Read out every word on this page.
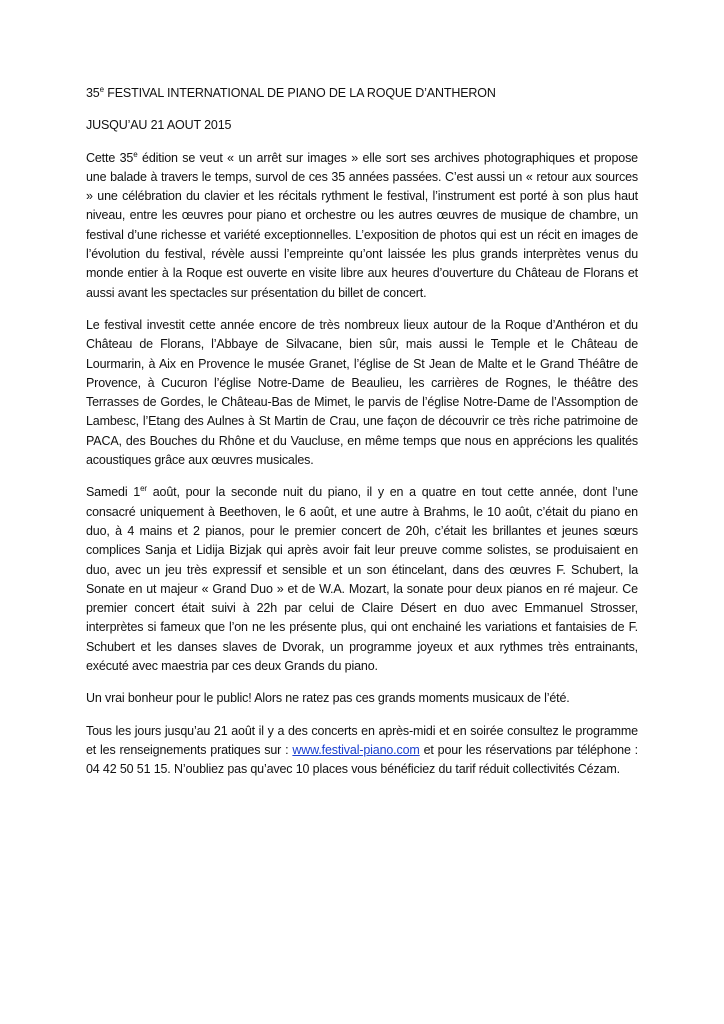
35e FESTIVAL INTERNATIONAL DE PIANO DE LA ROQUE D’ANTHERON

JUSQU’AU 21 AOUT 2015

Cette 35e édition se veut « un arrêt sur images » elle sort ses archives photographiques et propose une balade à travers le temps, survol de ces 35 années passées. C’est aussi un « retour aux sources » une célébration du clavier et les récitals rythment le festival, l’instrument est porté à son plus haut niveau, entre les œuvres pour piano et orchestre ou les autres œuvres de musique de chambre, un festival d’une richesse et variété exceptionnelles. L’exposition de photos qui est un récit en images de l’évolution du festival, révèle aussi l’empreinte qu’ont laissée les plus grands interprètes venus du monde entier à la Roque est ouverte en visite libre aux heures d’ouverture du Château de Florans et aussi avant les spectacles sur présentation du billet de concert.

Le festival investit cette année encore de très nombreux lieux autour de la Roque d’Anthéron et du Château de Florans, l’Abbaye de Silvacane, bien sûr, mais aussi le Temple et le Château de Lourmarin, à Aix en Provence le musée Granet, l’église de St Jean de Malte et le Grand Théâtre de Provence, à Cucuron l’église Notre-Dame de Beaulieu, les carrières de Rognes, le théâtre des Terrasses de Gordes, le Château-Bas de Mimet, le parvis de l’église Notre-Dame de l’Assomption de Lambesc, l’Etang des Aulnes à St Martin de Crau, une façon de découvrir ce très riche patrimoine de PACA, des Bouches du Rhône et du Vaucluse, en même temps que nous en apprécions les qualités acoustiques grâce aux œuvres musicales.

Samedi 1er août, pour la seconde nuit du piano, il y en a quatre en tout cette année, dont l’une consacré uniquement à Beethoven, le 6 août, et une autre à Brahms, le 10 août, c’était du piano en duo, à 4 mains et 2 pianos, pour le premier concert de 20h, c’était les brillantes et jeunes sœurs complices Sanja et Lidija Bizjak qui après avoir fait leur preuve comme solistes, se produisaient en duo, avec un jeu très expressif et sensible et un son étincelant, dans des œuvres F. Schubert, la Sonate en ut majeur « Grand Duo » et de W.A. Mozart, la sonate pour deux pianos en ré majeur. Ce premier concert était suivi à 22h par celui de Claire Désert en duo avec Emmanuel Strosser, interprètes si fameux que l’on ne les présente plus, qui ont enchainé les variations et fantaisies de F. Schubert et les danses slaves de Dvorak, un programme joyeux et aux rythmes très entrainants, exécuté avec maestria par ces deux Grands du piano.

Un vrai bonheur pour le public! Alors ne ratez pas ces grands moments musicaux de l’été.

Tous les jours jusqu’au 21 août il y a des concerts en après-midi et en soirée consultez le programme et les renseignements pratiques sur : www.festival-piano.com et pour les réservations par téléphone : 04 42 50 51 15. N’oubliez pas qu’avec 10 places vous bénéficiez du tarif réduit collectivités Cézam.
